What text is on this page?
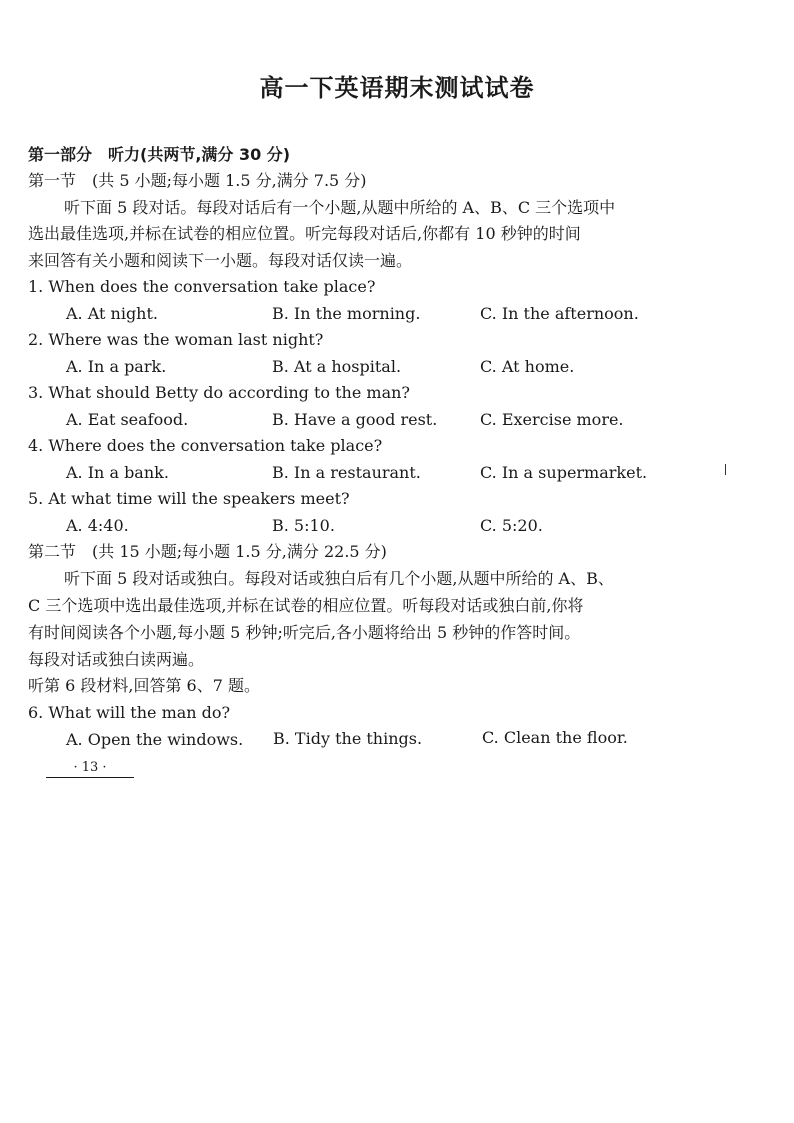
高一下英语期末测试试卷
第一部分　听力(共两节,满分 30 分)
第一节　(共 5 小题;每小题 1.5 分,满分 7.5 分)
听下面 5 段对话。每段对话后有一个小题,从题中所给的 A、B、C 三个选项中
选出最佳选项,并标在试卷的相应位置。听完每段对话后,你都有 10 秒钟的时间
来回答有关小题和阅读下一小题。每段对话仅读一遍。
1. When does the conversation take place?
A. At night.	B. In the morning.	C. In the afternoon.
2. Where was the woman last night?
A. In a park.	B. At a hospital.	C. At home.
3. What should Betty do according to the man?
A. Eat seafood.	B. Have a good rest.	C. Exercise more.
4. Where does the conversation take place?
A. In a bank.	B. In a restaurant.	C. In a supermarket.
5. At what time will the speakers meet?
A. 4:40.	B. 5:10.	C. 5:20.
第二节　(共 15 小题;每小题 1.5 分,满分 22.5 分)
听下面 5 段对话或独白。每段对话或独白后有几个小题,从题中所给的 A、B、
C 三个选项中选出最佳选项,并标在试卷的相应位置。听每段对话或独白前,你将
有时间阅读各个小题,每小题 5 秒钟;听完后,各小题将给出 5 秒钟的作答时间。
每段对话或独白读两遍。
听第 6 段材料,回答第 6、7 题。
6. What will the man do?
A. Open the windows. B. Tidy the things.	C. Clean the floor.
· 13 ·
